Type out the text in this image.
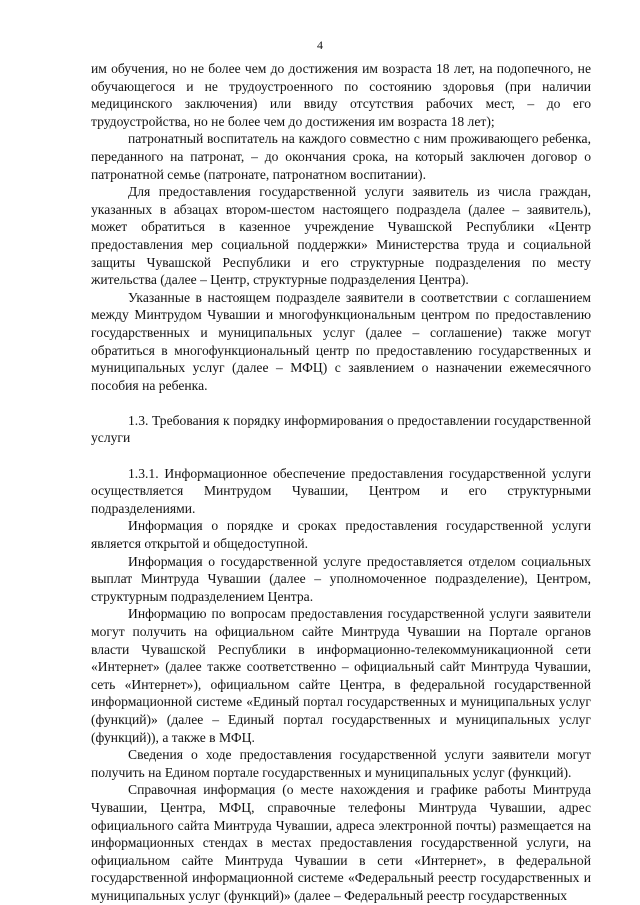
4

им обучения, но не более чем до достижения им возраста 18 лет, на подопечного, не обучающегося и не трудоустроенного по состоянию здоровья (при наличии медицинского заключения) или ввиду отсутствия рабочих мест, – до его трудоустройства, но не более чем до достижения им возраста 18 лет);

патронатный воспитатель на каждого совместно с ним проживающего ребенка, переданного на патронат, – до окончания срока, на который заключен договор о патронатной семье (патронате, патронатном воспитании).

Для предоставления государственной услуги заявитель из числа граждан, указанных в абзацах втором-шестом настоящего подраздела (далее – заявитель), может обратиться в казенное учреждение Чувашской Республики «Центр предоставления мер социальной поддержки» Министерства труда и социальной защиты Чувашской Республики и его структурные подразделения по месту жительства (далее – Центр, структурные подразделения Центра).

Указанные в настоящем подразделе заявители в соответствии с соглашением между Минтрудом Чувашии и многофункциональным центром по предоставлению государственных и муниципальных услуг (далее – соглашение) также могут обратиться в многофункциональный центр по предоставлению государственных и муниципальных услуг (далее – МФЦ) с заявлением о назначении ежемесячного пособия на ребенка.

1.3. Требования к порядку информирования о предоставлении государственной услуги

1.3.1. Информационное обеспечение предоставления государственной услуги осуществляется Минтрудом Чувашии, Центром и его структурными подразделениями.

Информация о порядке и сроках предоставления государственной услуги является открытой и общедоступной.

Информация о государственной услуге предоставляется отделом социальных выплат Минтруда Чувашии (далее – уполномоченное подразделение), Центром, структурным подразделением Центра.

Информацию по вопросам предоставления государственной услуги заявители могут получить на официальном сайте Минтруда Чувашии на Портале органов власти Чувашской Республики в информационно-телекоммуникационной сети «Интернет» (далее также соответственно – официальный сайт Минтруда Чувашии, сеть «Интернет»), официальном сайте Центра, в федеральной государственной информационной системе «Единый портал государственных и муниципальных услуг (функций)» (далее – Единый портал государственных и муниципальных услуг (функций)), а также в МФЦ.

Сведения о ходе предоставления государственной услуги заявители могут получить на Едином портале государственных и муниципальных услуг (функций).

Справочная информация (о месте нахождения и графике работы Минтруда Чувашии, Центра, МФЦ, справочные телефоны Минтруда Чувашии, адрес официального сайта Минтруда Чувашии, адреса электронной почты) размещается на информационных стендах в местах предоставления государственной услуги, на официальном сайте Минтруда Чувашии в сети «Интернет», в федеральной государственной информационной системе «Федеральный реестр государственных и муниципальных услуг (функций)» (далее – Федеральный реестр государственных
